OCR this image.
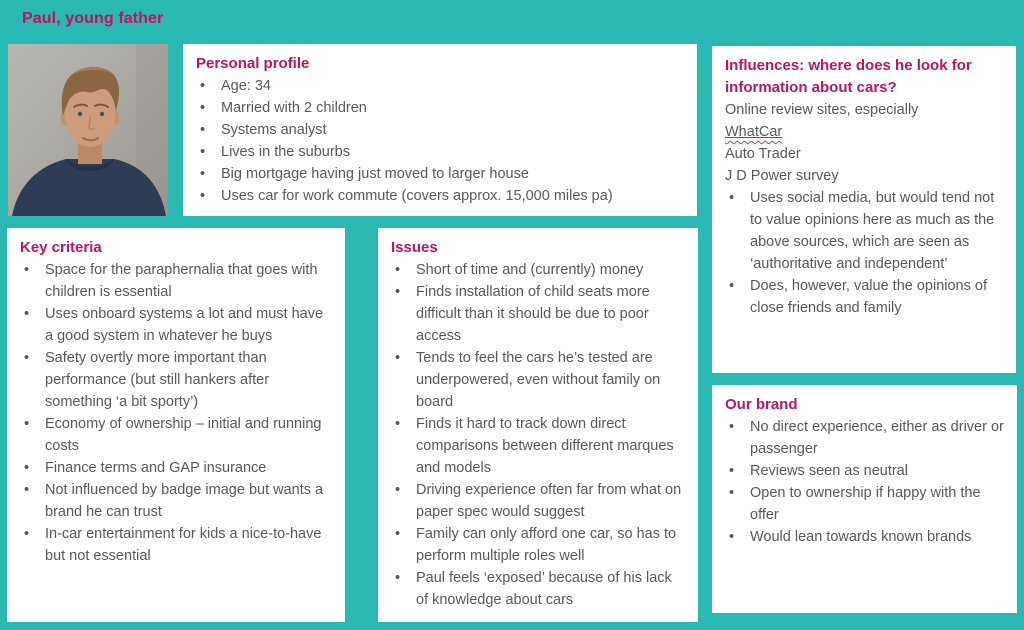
Paul, young father
Personal profile
• Age: 34
• Married with 2 children
• Systems analyst
• Lives in the suburbs
• Big mortgage having just moved to larger house
• Uses car for work commute (covers approx. 15,000 miles pa)
Influences: where does he look for information about cars?
Online review sites, especially
WhatCar
Auto Trader
J D Power survey
• Uses social media, but would tend not to value opinions here as much as the above sources, which are seen as ‘authoritative and independent’
• Does, however, value the opinions of close friends and family
Key criteria
• Space for the paraphernalia that goes with children is essential
• Uses onboard systems a lot and must have a good system in whatever he buys
• Safety overtly more important than performance (but still hankers after something ‘a bit sporty’)
• Economy of ownership – initial and running costs
• Finance terms and GAP insurance
• Not influenced by badge image but wants a brand he can trust
• In-car entertainment for kids a nice-to-have but not essential
Issues
• Short of time and (currently) money
• Finds installation of child seats more difficult than it should be due to poor access
• Tends to feel the cars he’s tested are underpowered, even without family on board
• Finds it hard to track down direct comparisons between different marques and models
• Driving experience often far from what on paper spec would suggest
• Family can only afford one car, so has to perform multiple roles well
• Paul feels ‘exposed’ because of his lack of knowledge about cars
Our brand
• No direct experience, either as driver or passenger
• Reviews seen as neutral
• Open to ownership if happy with the offer
• Would lean towards known brands
